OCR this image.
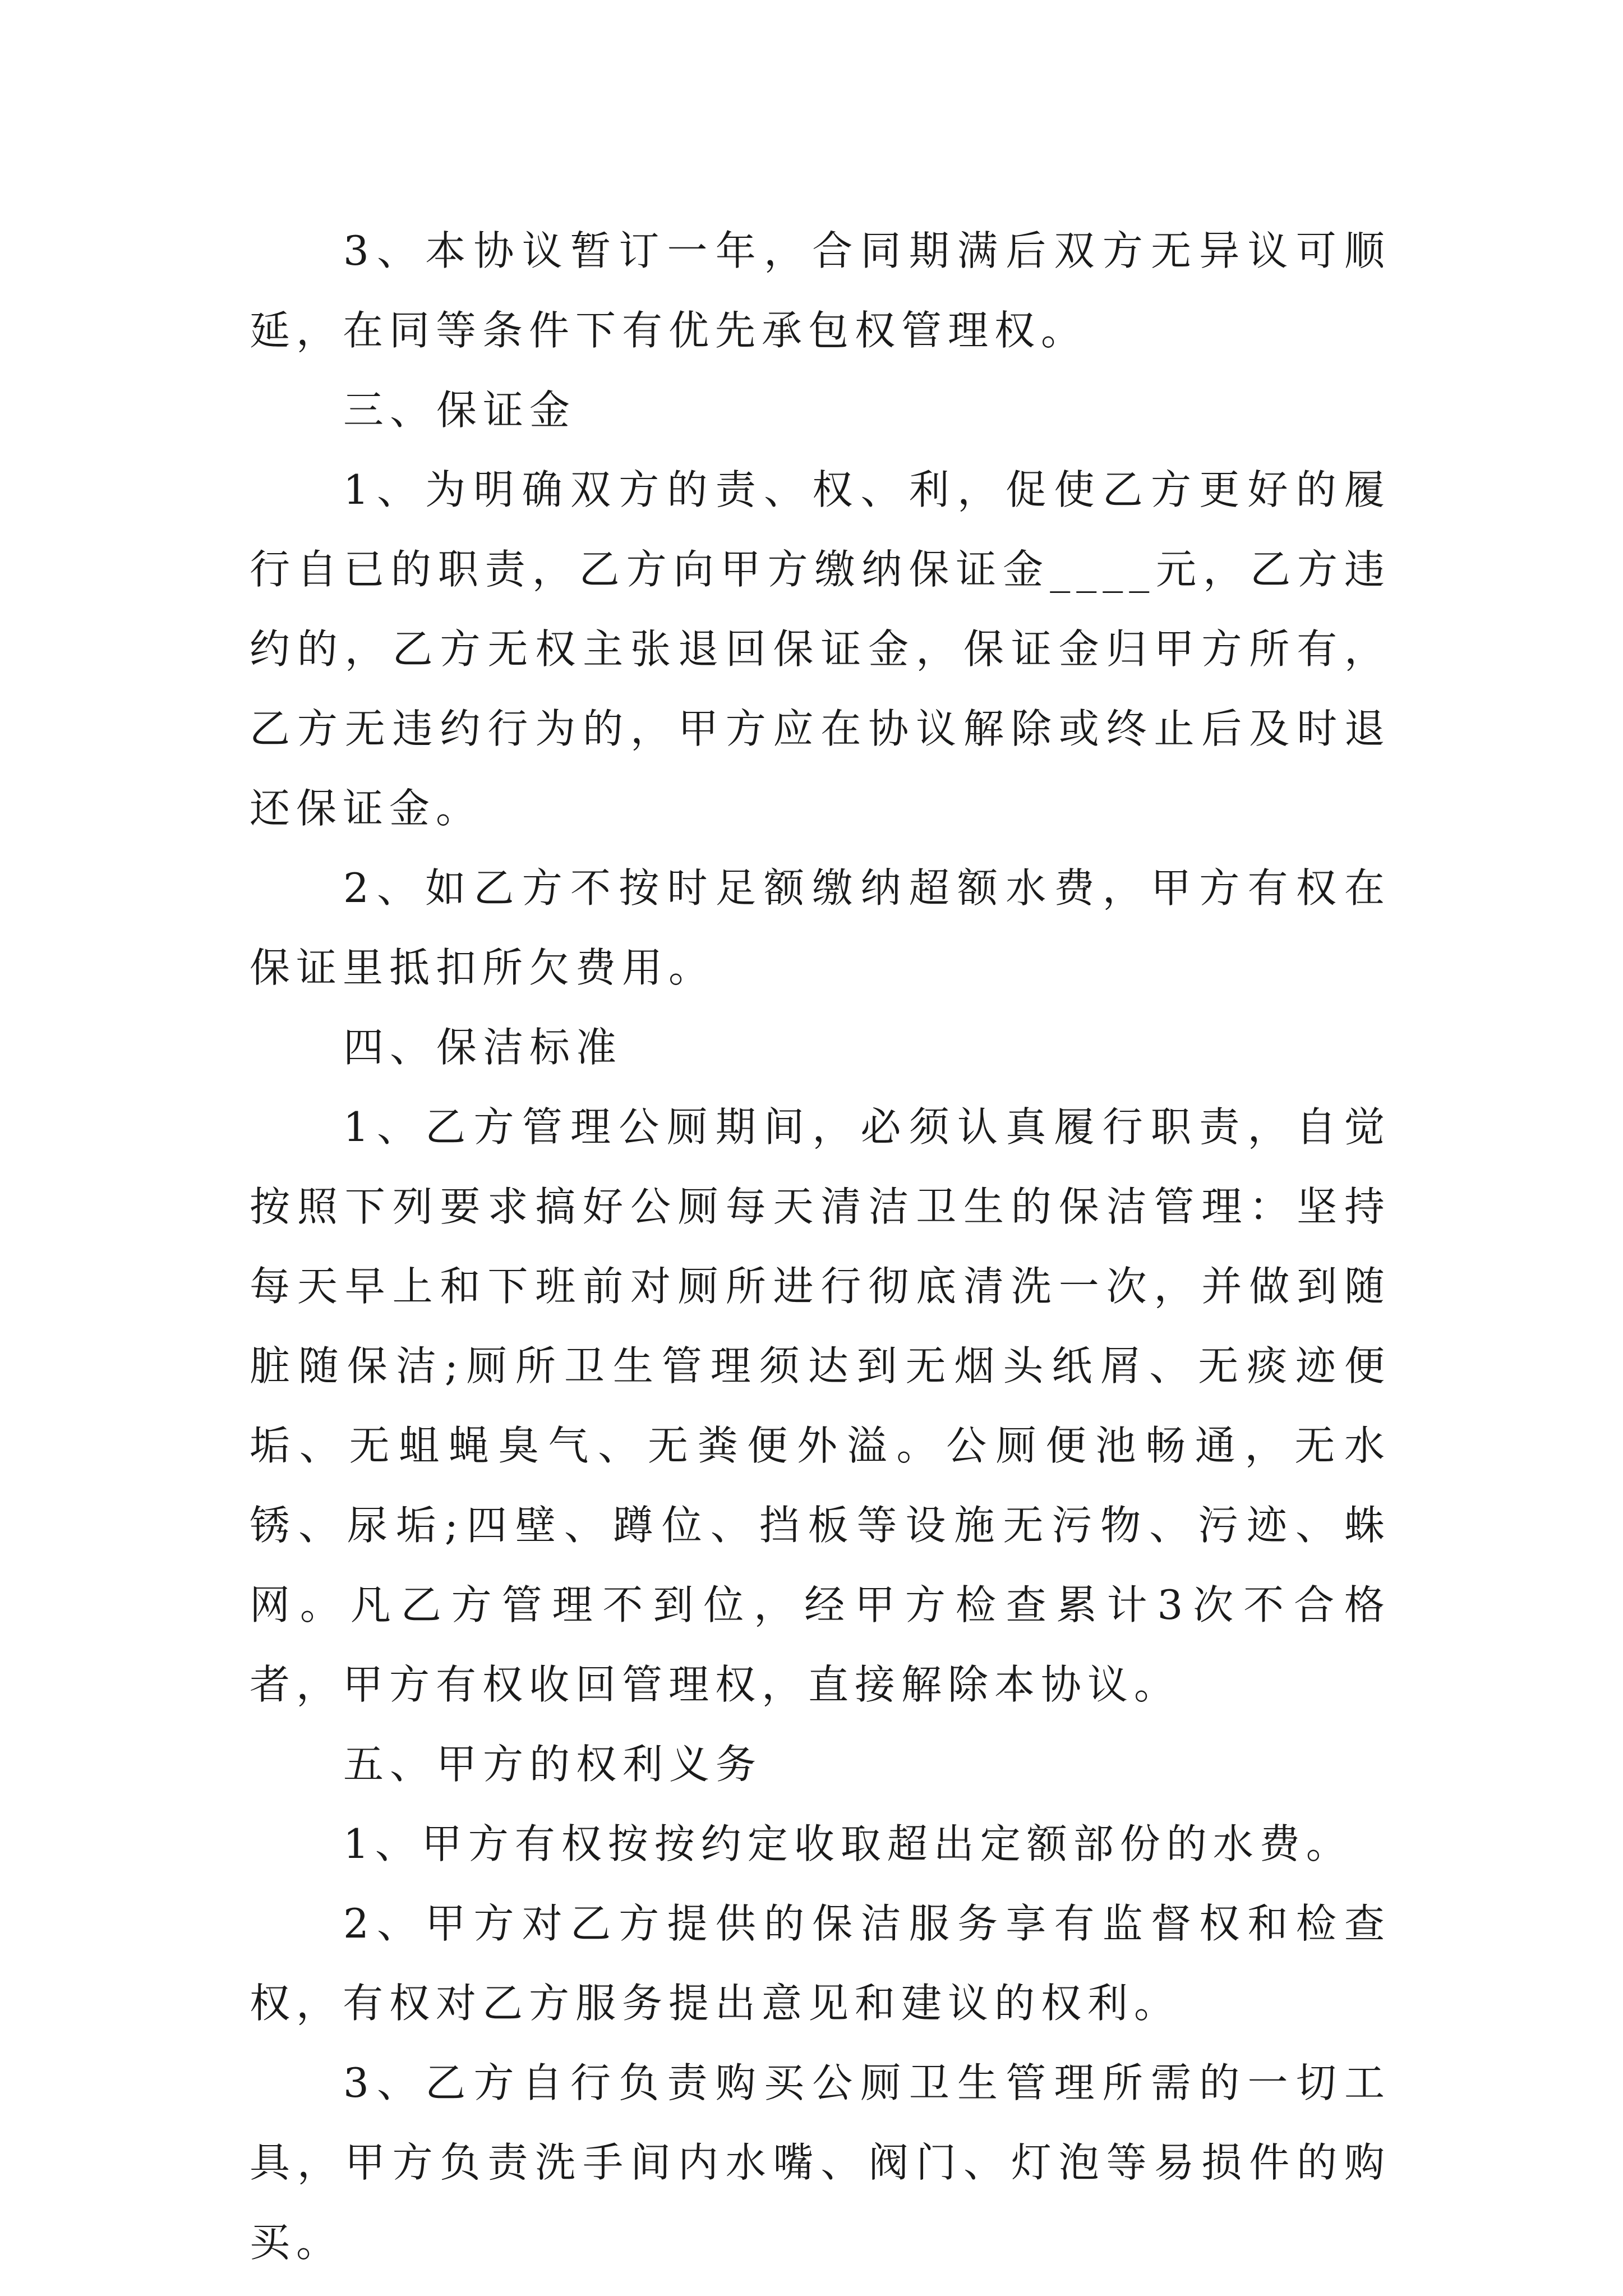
3、本协议暂订一年，合同期满后双方无异议可顺延，在同等条件下有优先承包权管理权。

三、保证金

1、为明确双方的责、权、利，促使乙方更好的履行自已的职责，乙方向甲方缴纳保证金____元，乙方违约的，乙方无权主张退回保证金，保证金归甲方所有，乙方无违约行为的，甲方应在协议解除或终止后及时退还保证金。

2、如乙方不按时足额缴纳超额水费，甲方有权在保证里抵扣所欠费用。

四、保洁标准

1、乙方管理公厕期间，必须认真履行职责，自觉按照下列要求搞好公厕每天清洁卫生的保洁管理：坚持每天早上和下班前对厕所进行彻底清洗一次，并做到随脏随保洁;厕所卫生管理须达到无烟头纸屑、无痰迹便垢、无蛆蝇臭气、无粪便外溢。公厕便池畅通，无水锈、尿垢;四壁、蹲位、挡板等设施无污物、污迹、蛛网。凡乙方管理不到位，经甲方检查累计3次不合格者，甲方有权收回管理权，直接解除本协议。

五、甲方的权利义务

1、甲方有权按按约定收取超出定额部份的水费。

2、甲方对乙方提供的保洁服务享有监督权和检查权，有权对乙方服务提出意见和建议的权利。

3、乙方自行负责购买公厕卫生管理所需的一切工具，甲方负责洗手间内水嘴、阀门、灯泡等易损件的购买。
